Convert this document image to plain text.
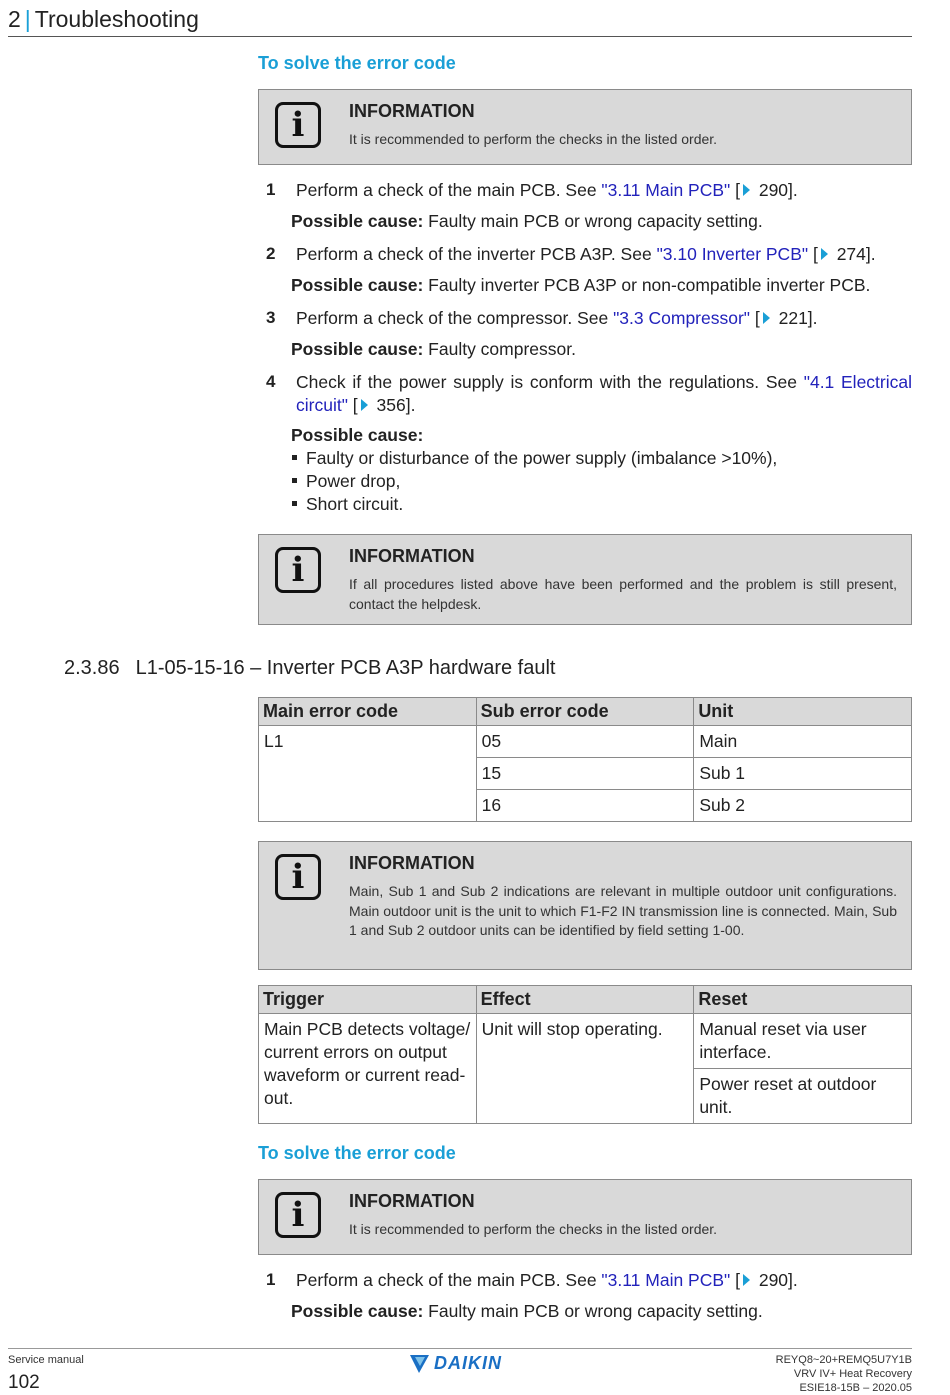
2 | Troubleshooting
To solve the error code
i	INFORMATION
It is recommended to perform the checks in the listed order.
1 Perform a check of the main PCB. See "3.11 Main PCB" [ 290].
Possible cause: Faulty main PCB or wrong capacity setting.
2 Perform a check of the inverter PCB A3P. See "3.10 Inverter PCB" [ 274].
Possible cause: Faulty inverter PCB A3P or non-compatible inverter PCB.
3 Perform a check of the compressor. See "3.3 Compressor" [ 221].
Possible cause: Faulty compressor.
4 Check if the power supply is conform with the regulations. See "4.1 Electrical
circuit" [ 356].
Possible cause:
Faulty or disturbance of the power supply (imbalance >10%),
Power drop,
Short circuit.
i	INFORMATION
If all procedures listed above have been performed and the problem is still present, contact the helpdesk.
2.3.86 L1-05-15-16 – Inverter PCB A3P hardware fault
Main error code	Sub error code	Unit
L1	05	Main
	15	Sub 1
	16	Sub 2
i	INFORMATION
Main, Sub 1 and Sub 2 indications are relevant in multiple outdoor unit configurations. Main outdoor unit is the unit to which F1-F2 IN transmission line is connected. Main, Sub 1 and Sub 2 outdoor units can be identified by field setting 1-00.
Trigger	Effect	Reset
Main PCB detects voltage/ current errors on output waveform or current read-out.	Unit will stop operating.	Manual reset via user interface.
		Power reset at outdoor unit.
To solve the error code
i	INFORMATION
It is recommended to perform the checks in the listed order.
1 Perform a check of the main PCB. See "3.11 Main PCB" [ 290].
Possible cause: Faulty main PCB or wrong capacity setting.
Service manual
102
DAIKIN	REYQ8~20+REMQ5U7Y1B
VRV IV+ Heat Recovery
ESIE18-15B – 2020.05
